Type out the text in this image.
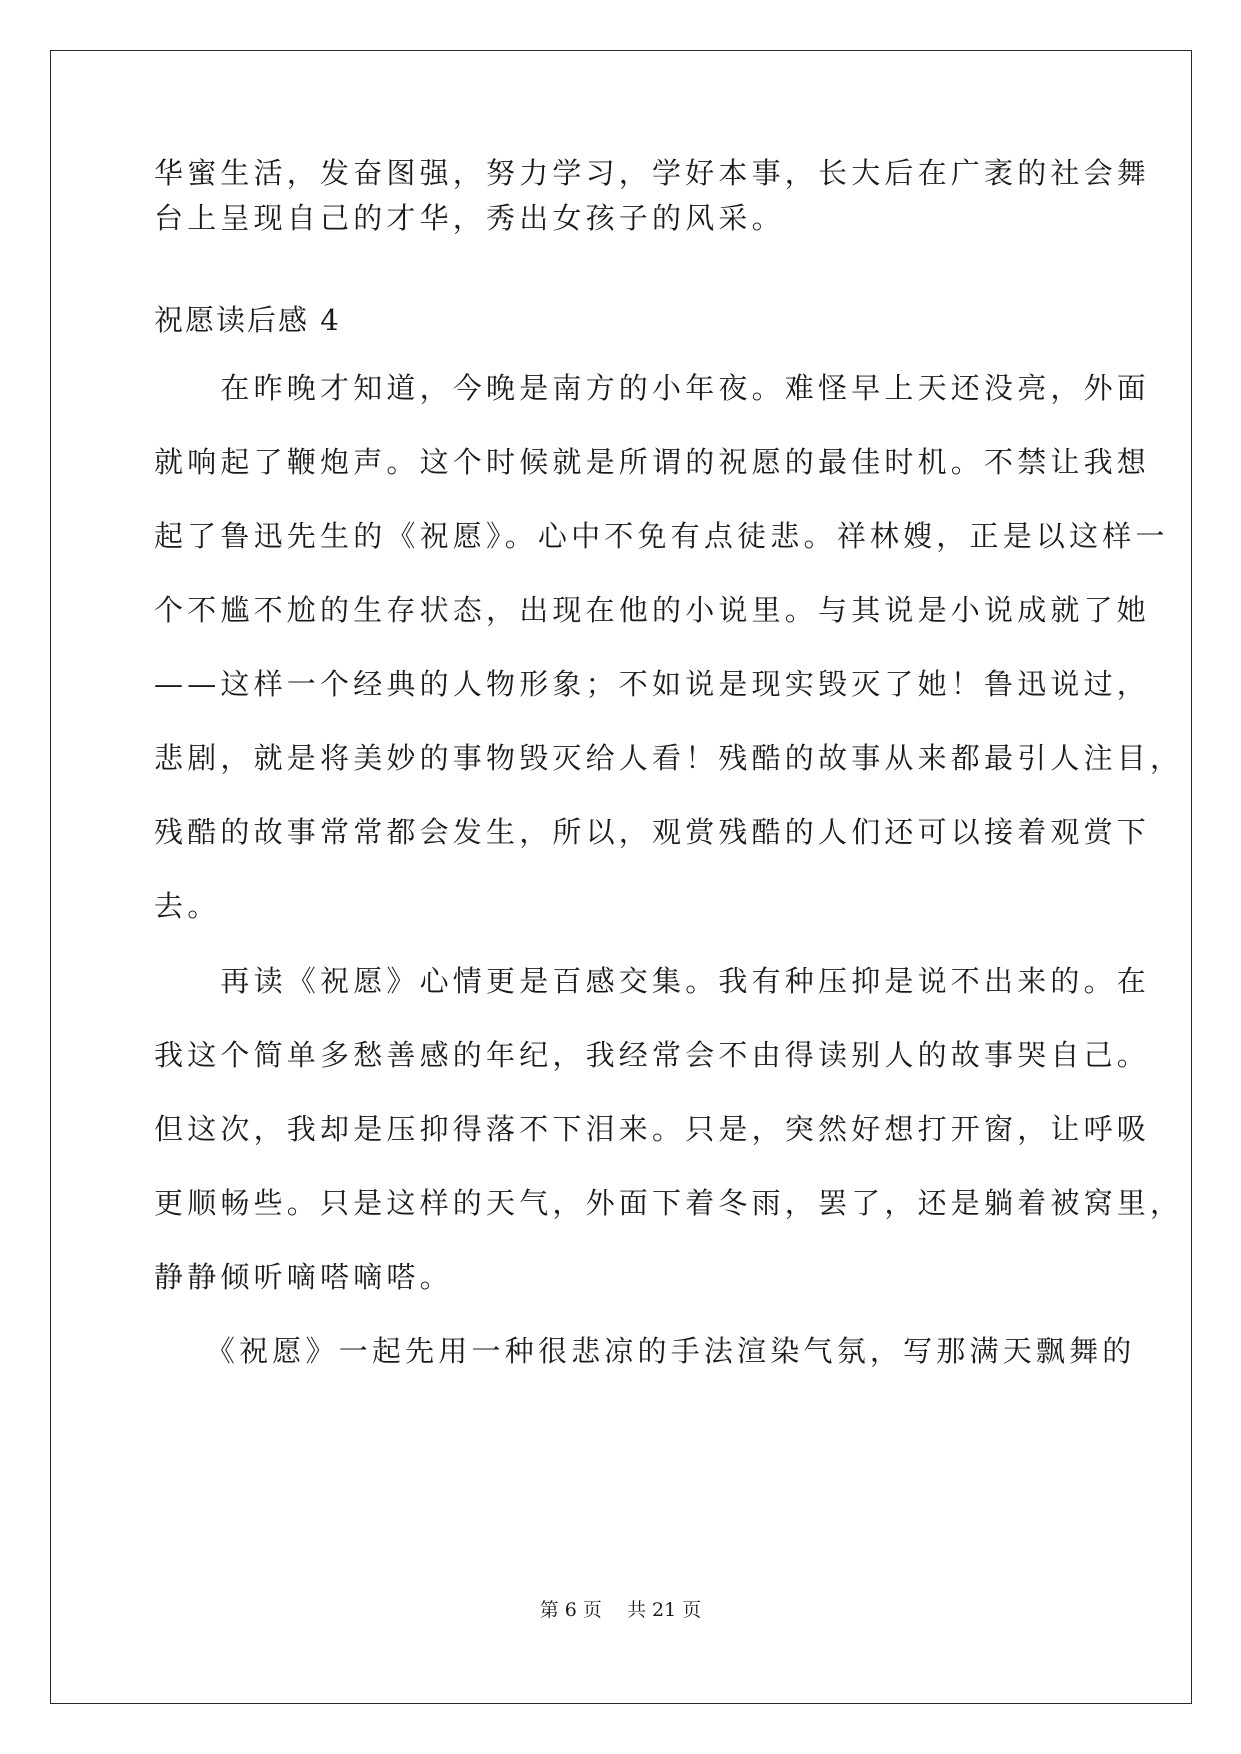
华蜜生活，发奋图强，努力学习，学好本事，长大后在广袤的社会舞
台上呈现自己的才华，秀出女孩子的风采。
祝愿读后感 4
　　在昨晚才知道，今晚是南方的小年夜。难怪早上天还没亮，外面
就响起了鞭炮声。这个时候就是所谓的祝愿的最佳时机。不禁让我想
起了鲁迅先生的《祝愿》。心中不免有点徒悲。祥林嫂，正是以这样一
个不尴不尬的生存状态，出现在他的小说里。与其说是小说成就了她
——这样一个经典的人物形象；不如说是现实毁灭了她！鲁迅说过，
悲剧，就是将美妙的事物毁灭给人看！残酷的故事从来都最引人注目，
残酷的故事常常都会发生，所以，观赏残酷的人们还可以接着观赏下
去。
　　再读《祝愿》心情更是百感交集。我有种压抑是说不出来的。在
我这个简单多愁善感的年纪，我经常会不由得读别人的故事哭自己。
但这次，我却是压抑得落不下泪来。只是，突然好想打开窗，让呼吸
更顺畅些。只是这样的天气，外面下着冬雨，罢了，还是躺着被窝里，
静静倾听嘀嗒嘀嗒。
　　《祝愿》一起先用一种很悲凉的手法渲染气氛，写那满天飘舞的
第 6 页　 共 21 页
